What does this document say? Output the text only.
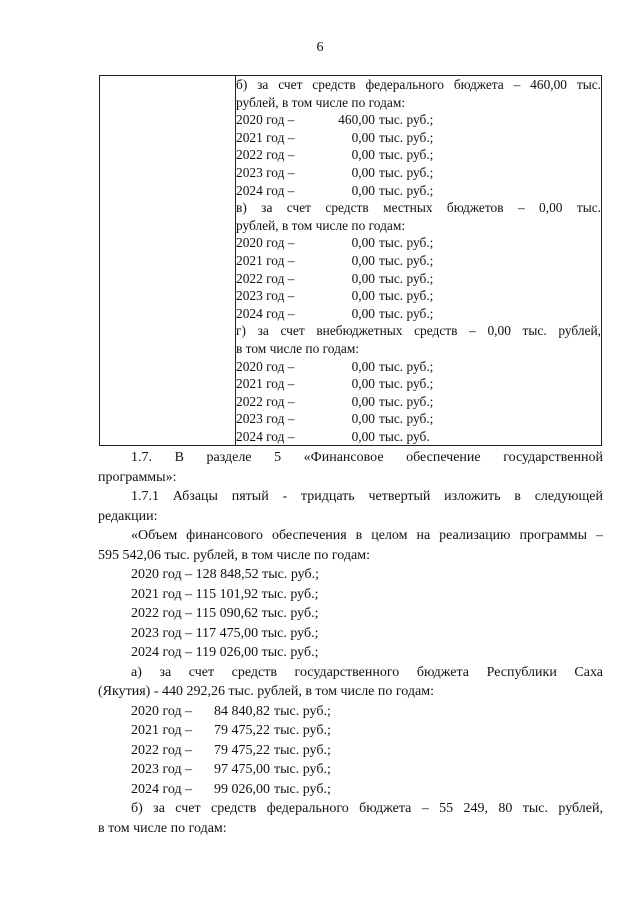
6

б) за счет средств федерального бюджета – 460,00 тыс.
рублей, в том числе по годам:
2020 год –	460,00 тыс. руб.;
2021 год –	0,00 тыс. руб.;
2022 год –	0,00 тыс. руб.;
2023 год –	0,00 тыс. руб.;
2024 год –	0,00 тыс. руб.;
в) за счет средств местных бюджетов – 0,00 тыс.
рублей, в том числе по годам:
2020 год –	0,00 тыс. руб.;
2021 год –	0,00 тыс. руб.;
2022 год –	0,00 тыс. руб.;
2023 год –	0,00 тыс. руб.;
2024 год –	0,00 тыс. руб.;
г) за счет внебюджетных средств – 0,00 тыс. рублей,
в том числе по годам:
2020 год –	0,00 тыс. руб.;
2021 год –	0,00 тыс. руб.;
2022 год –	0,00 тыс. руб.;
2023 год –	0,00 тыс. руб.;
2024 год –	0,00 тыс. руб.
1.7. В разделе 5 «Финансовое обеспечение государственной
программы»:
1.7.1 Абзацы пятый - тридцать четвертый изложить в следующей
редакции:
«Объем финансового обеспечения в целом на реализацию программы –
595 542,06 тыс. рублей, в том числе по годам:
2020 год – 128 848,52 тыс. руб.;
2021 год – 115 101,92 тыс. руб.;
2022 год – 115 090,62 тыс. руб.;
2023 год – 117 475,00 тыс. руб.;
2024 год – 119 026,00 тыс. руб.;
а) за счет средств государственного бюджета Республики Саха
(Якутия) - 440 292,26 тыс. рублей, в том числе по годам:
2020 год –	84 840,82 тыс. руб.;
2021 год –	79 475,22 тыс. руб.;
2022 год –	79 475,22 тыс. руб.;
2023 год –	97 475,00 тыс. руб.;
2024 год –	99 026,00 тыс. руб.;
б) за счет средств федерального бюджета – 55 249, 80 тыс. рублей,
в том числе по годам:
